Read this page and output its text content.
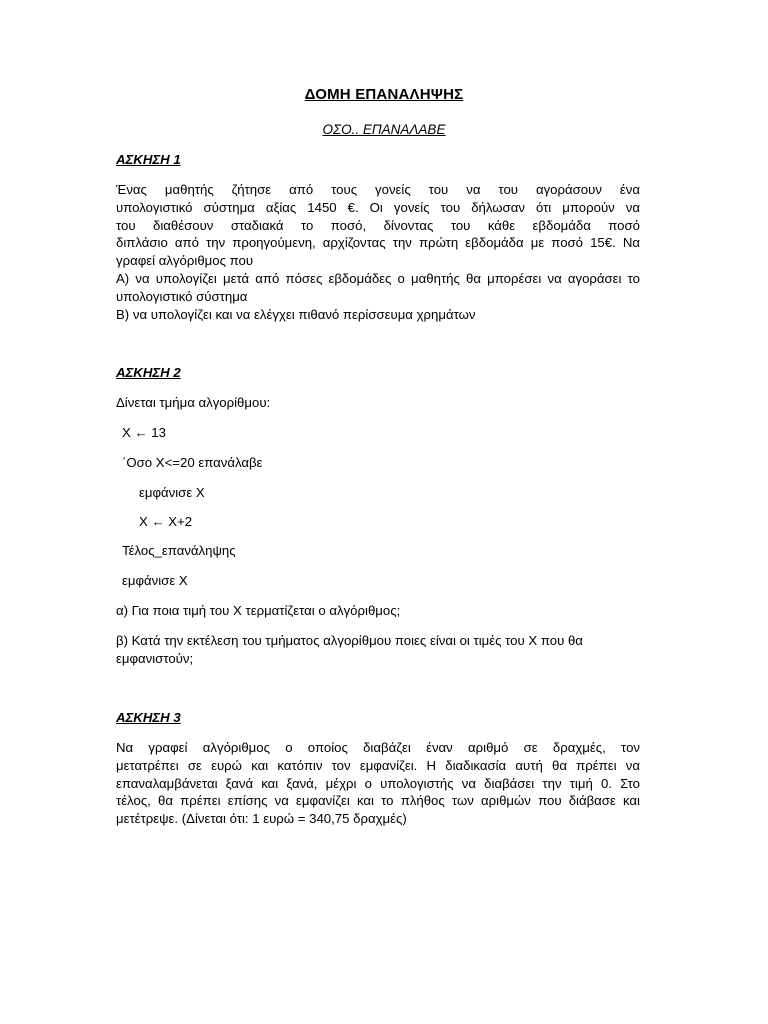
ΔΟΜΗ ΕΠΑΝΑΛΗΨΗΣ
ΟΣΟ.. ΕΠΑΝΑΛΑΒΕ
ΑΣΚΗΣΗ 1
Ένας μαθητής ζήτησε από τους γονείς του να του αγοράσουν ένα
υπολογιστικό σύστημα αξίας 1450 €. Οι γονείς του δήλωσαν ότι μπορούν να
του διαθέσουν σταδιακά το ποσό, δίνοντας του κάθε εβδομάδα ποσό
διπλάσιο από την προηγούμενη, αρχίζοντας την πρώτη εβδομάδα με ποσό 15€. Να
γραφεί αλγόριθμος που
Α) να υπολογίζει μετά από πόσες εβδομάδες ο μαθητής θα μπορέσει να αγοράσει το
υπολογιστικό σύστημα
Β) να υπολογίζει και να ελέγχει πιθανό περίσσευμα χρημάτων
ΑΣΚΗΣΗ 2
Δίνεται τμήμα αλγορίθμου:
Χ ← 13
΄Οσο Χ<=20 επανάλαβε
εμφάνισε Χ
Χ ← Χ+2
Τέλος_επανάληψης
εμφάνισε Χ
α) Για ποια τιμή του Χ τερματίζεται ο αλγόριθμος;
β) Κατά την εκτέλεση του τμήματος αλγορίθμου ποιες είναι οι τιμές του Χ που θα
εμφανιστούν;
ΑΣΚΗΣΗ 3
Να γραφεί αλγόριθμος ο οποίος διαβάζει έναν αριθμό σε δραχμές, τον
μετατρέπει σε ευρώ και κατόπιν τον εμφανίζει. Η διαδικασία αυτή θα πρέπει να
επαναλαμβάνεται ξανά και ξανά, μέχρι ο υπολογιστής να διαβάσει την τιμή 0. Στο
τέλος, θα πρέπει επίσης να εμφανίζει και το πλήθος των αριθμών που διάβασε και
μετέτρεψε. (Δίνεται ότι: 1 ευρώ = 340,75 δραχμές)
